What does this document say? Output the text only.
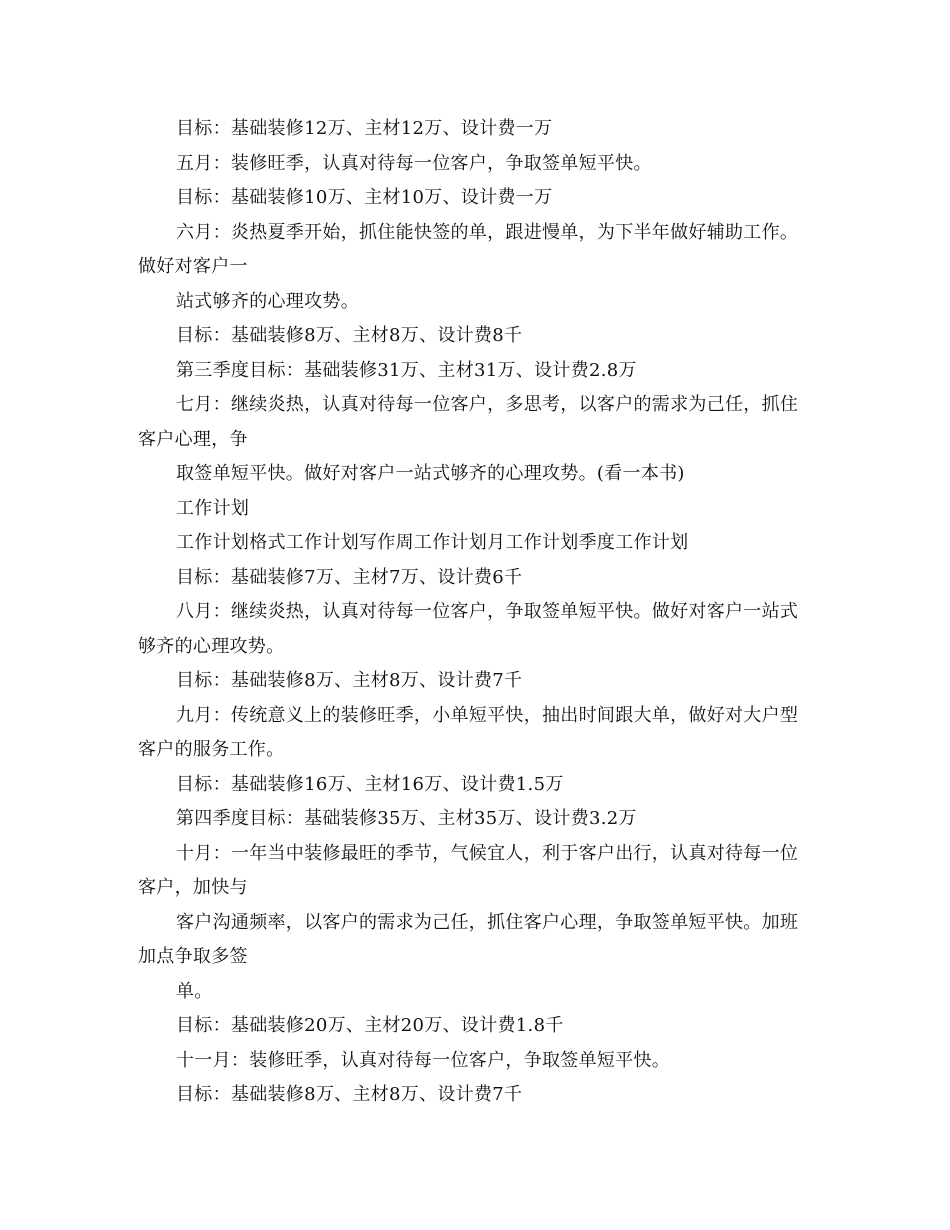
目标：基础装修12万、主材12万、设计费一万
五月：装修旺季，认真对待每一位客户，争取签单短平快。
目标：基础装修10万、主材10万、设计费一万
六月：炎热夏季开始，抓住能快签的单，跟进慢单，为下半年做好辅助工作。
做好对客户一
站式够齐的心理攻势。
目标：基础装修8万、主材8万、设计费8千
第三季度目标：基础装修31万、主材31万、设计费2.8万
七月：继续炎热，认真对待每一位客户，多思考，以客户的需求为己任，抓住
客户心理，争
取签单短平快。做好对客户一站式够齐的心理攻势。(看一本书)
工作计划
工作计划格式工作计划写作周工作计划月工作计划季度工作计划
目标：基础装修7万、主材7万、设计费6千
八月：继续炎热，认真对待每一位客户，争取签单短平快。做好对客户一站式
够齐的心理攻势。
目标：基础装修8万、主材8万、设计费7千
九月：传统意义上的装修旺季，小单短平快，抽出时间跟大单，做好对大户型
客户的服务工作。
目标：基础装修16万、主材16万、设计费1.5万
第四季度目标：基础装修35万、主材35万、设计费3.2万
十月：一年当中装修最旺的季节，气候宜人，利于客户出行，认真对待每一位
客户，加快与
客户沟通频率，以客户的需求为己任，抓住客户心理，争取签单短平快。加班
加点争取多签
单。
目标：基础装修20万、主材20万、设计费1.8千
十一月：装修旺季，认真对待每一位客户，争取签单短平快。
目标：基础装修8万、主材8万、设计费7千
